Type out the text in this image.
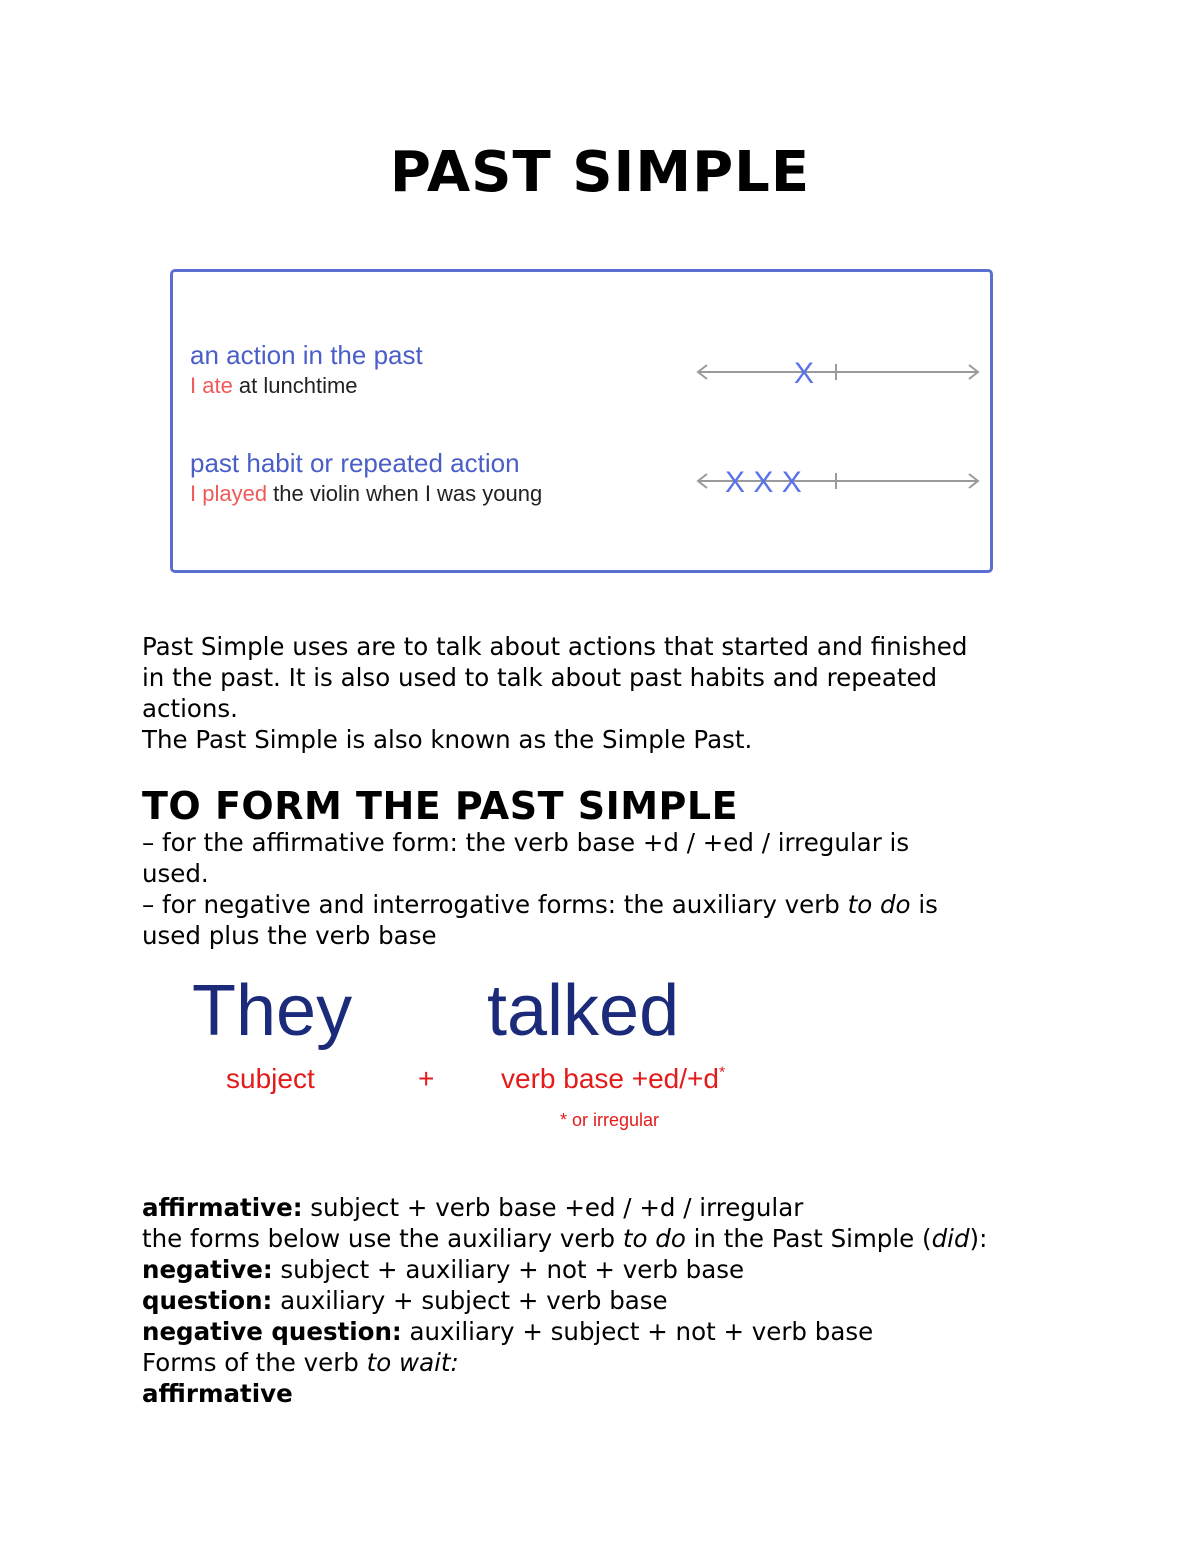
PAST SIMPLE
an action in the past
I ate at lunchtime	X
past habit or repeated action
I played the violin when I was young	X X X
Past Simple uses are to talk about actions that started and finished
in the past. It is also used to talk about past habits and repeated
actions.
The Past Simple is also known as the Simple Past.
TO FORM THE PAST SIMPLE
– for the affirmative form: the verb base +d / +ed / irregular is
used.
– for negative and interrogative forms: the auxiliary verb to do is
used plus the verb base
They talked
subject	+ verb base +ed/+d*
* or irregular
affirmative: subject + verb base +ed / +d / irregular
the forms below use the auxiliary verb to do in the Past Simple (did):
negative: subject + auxiliary + not + verb base
question: auxiliary + subject + verb base
negative question: auxiliary + subject + not + verb base
Forms of the verb to wait:
affirmative
